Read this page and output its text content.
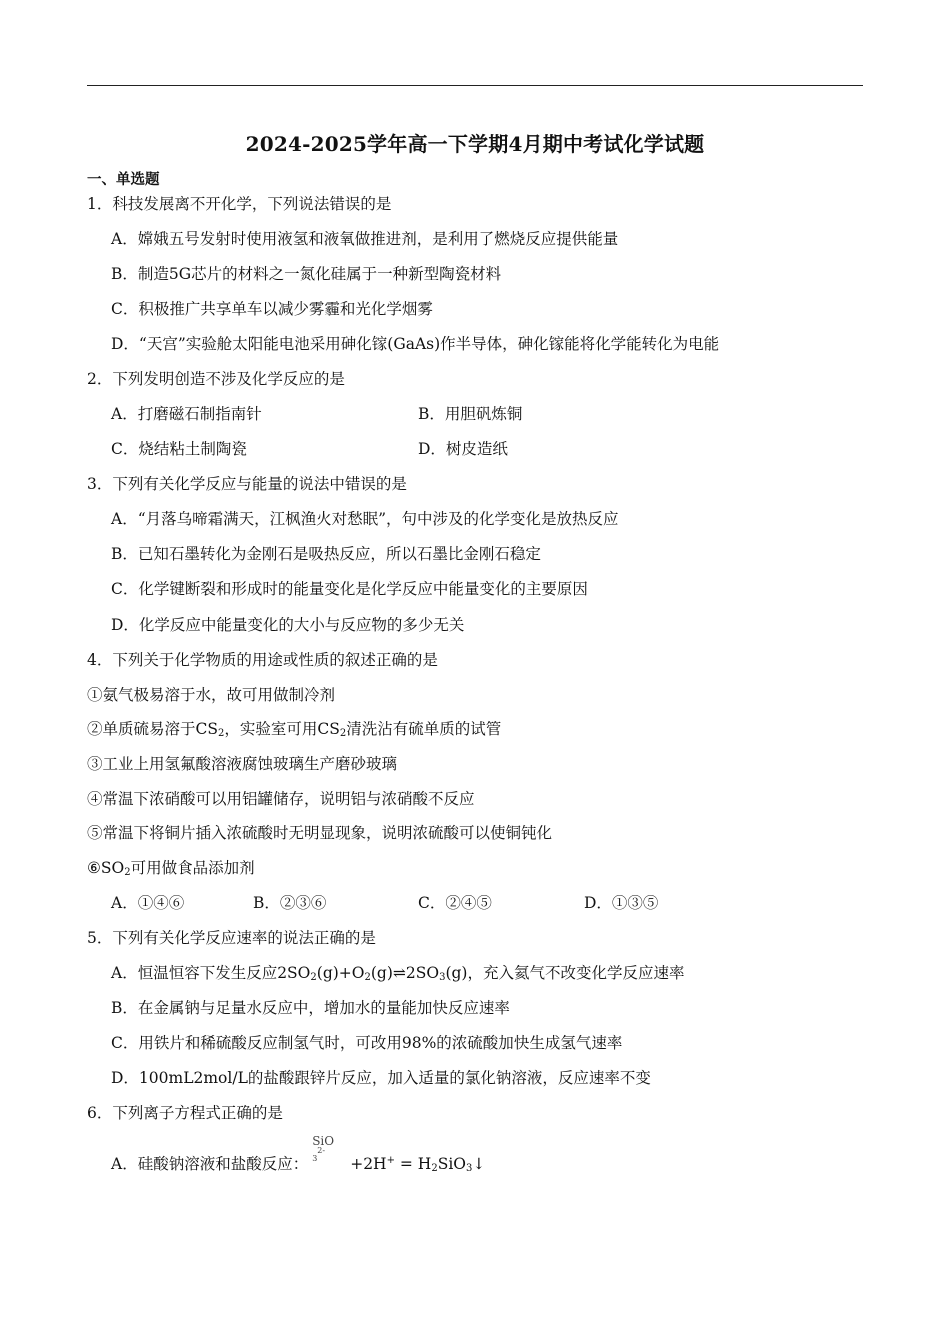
2024-2025学年高一下学期4月期中考试化学试题
一、单选题
1．科技发展离不开化学，下列说法错误的是
A．嫦娥五号发射时使用液氢和液氧做推进剂，是利用了燃烧反应提供能量
B．制造5G芯片的材料之一氮化硅属于一种新型陶瓷材料
C．积极推广共享单车以减少雾霾和光化学烟雾
D．“天宫”实验舱太阳能电池采用砷化镓(GaAs)作半导体，砷化镓能将化学能转化为电能
2．下列发明创造不涉及化学反应的是
A．打磨磁石制指南针	B．用胆矾炼铜
C．烧结粘土制陶瓷	D．树皮造纸
3．下列有关化学反应与能量的说法中错误的是
A．“月落乌啼霜满天，江枫渔火对愁眠”，句中涉及的化学变化是放热反应
B．已知石墨转化为金刚石是吸热反应，所以石墨比金刚石稳定
C．化学键断裂和形成时的能量变化是化学反应中能量变化的主要原因
D．化学反应中能量变化的大小与反应物的多少无关
4．下列关于化学物质的用途或性质的叙述正确的是
①氨气极易溶于水，故可用做制冷剂
②单质硫易溶于$CS_2$，实验室可用$CS_2$清洗沾有硫单质的试管
③工业上用氢氟酸溶液腐蚀玻璃生产磨砂玻璃
④常温下浓硝酸可以用铝罐储存，说明铝与浓硝酸不反应
⑤常温下将铜片插入浓硫酸时无明显现象，说明浓硫酸可以使铜钝化
$⑥SO_2$可用做食品添加剂
A．①④⑥	B．②③⑥	C．②④⑤	D．①③⑤
5．下列有关化学反应速率的说法正确的是
A．恒温恒容下发生反应$2SO_2(g)+O_2(g)\rightleftharpoons 2SO_3(g)$，充入氦气不改变化学反应速率
B．在金属钠与足量水反应中，增加水的量能加快反应速率
C．用铁片和稀硫酸反应制氢气时，可改用98%的浓硫酸加快生成氢气速率
D．100mL2mol/L的盐酸跟锌片反应，加入适量的氯化钠溶液，反应速率不变
6．下列离子方程式正确的是
A．硅酸钠溶液和盐酸反应：
SiO
$_3^{2-}$
$+2H^+ = H_2SiO_3↓$
